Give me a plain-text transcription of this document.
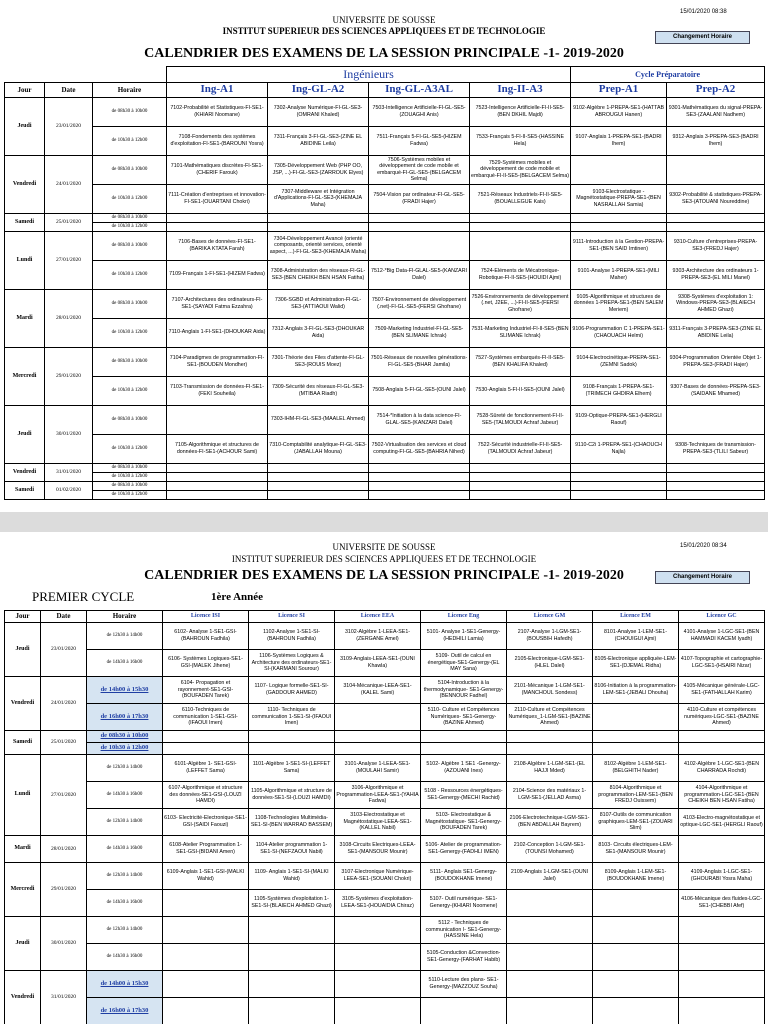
15/01/2020 08:38
UNIVERSITE DE SOUSSE
INSTITUT SUPERIEUR DES SCIENCES APPLIQUEES ET DE TECHNOLOGIE
Changement Horaire
CALENDRIER DES EXAMENS DE LA SESSION PRINCIPALE -1- 2019-2020
			Ingénieurs				Cycle Préparatoire	
Jour	Date	Horaire	Ing-A1	Ing-GL-A2	Ing-GL-A3AL	Ing-II-A3	Prep-A1	Prep-A2
Jeudi	23/01/2020	de 08h30 à 10h00	7102-Probabilité et Statistiques-FI-SE1-(KHIARI Noomane)	7302-Analyse Numérique-FI-GL-SE3-(OMRANI Khaled)	7503-Intelligence Artificielle-FI-GL-SE5-(ZOUAGHI Anis)	7523-Intelligence Artificielle-FI-II-SE5-(BEN DKHIL Majdi)	9102-Algèbre 1-PREPA-SE1-(HATTAB ABROUGUI Hanen)	9301-Mathématiques du signal-PREPA-SE3-(ZAALANI Nadhem)
		de 10h30 à 12h00	7108-Fondements des systèmes d'exploitation-FI-SE1-(BAROUNI Yosra)	7311-Français 3-FI-GL-SE3-(ZINE EL ABIDINE Leila)	7511-Français 5-FI-GL-SE5-(HIZEM Fadwa)	7533-Français 5-FI-II-SE5-(HASSINE Hela)	9107-Anglais 1-PREPA-SE1-(BADRI Ihem)	9312-Anglais 3-PREPA-SE3-(BADRI Ihem)
Vendredi	24/01/2020	de 08h30 à 10h00	7101-Mathématiques discrètes-FI-SE1-(CHERIF Farouk)	7305-Développement Web (PHP OO, JSP, ...)-FI-GL-SE3-(ZARROUK Elyes)	7506-Systèmes mobiles et développement de code mobile et embarqué-FI-GL-SE5-(BELGACEM Selma)	7529-Systèmes mobiles et développement de code mobile et embarqué-FI-II-SE5-(BELGACEM Selma)		
		de 10h30 à 12h00	7111-Création d'entreprises et innovation-FI-SE1-(OUARTANI Chokri)	7307-Middleware et Intégration d'Applications-FI-GL-SE3-(KHEMAJA Maha)	7504-Vision par ordinateur-FI-GL-SE5-(FRADI Hajer)	7521-Réseaux Industriels-FI-II-SE5-(BOUALLEGUE Kais)	9103-Electrostatique - Magnétostatique-PREPA-SE1-(BEN NASRALLAH Samia)	9302-Probabilité & statistiques-PREPA-SE3-(ATOUANI Noureddine)
Samedi	25/01/2020	de 08h30 à 10h00						
		de 10h30 à 12h00						
Lundi	27/01/2020	de 08h30 à 10h00	7106-Bases de données-FI-SE1-(BARIKA KTATA Farah)	7304-Développement Avancé (orienté composants, orienté services, orienté aspect, ...)-FI-GL-SE3-(KHEMAJA Maha)			9111-Introduction à la Gestion-PREPA-SE1-(BEN SAID Imtinen)	9310-Culture d'entreprises-PREPA-SE3-(FREDJ Hajer)
		de 10h30 à 12h00	7109-Français 1-FI-SE1-(HIZEM Fadwa)	7308-Administration des réseaux-FI-GL-SE3-(BEN CHEIKH BEN HSAN Fatiha)	7512-*Big Data-FI-GLAL-SE5-(KANZARI Dalel)	7524-Eléments de Mécatronique-Robotique-FI-II-SE5-(HOUIDI Ajmi)	9101-Analyse 1-PREPA-SE1-(MILI Maher)	9303-Architecture des ordinateurs 1-PREPA-SE3-(EL MILI Manel)
Mardi	28/01/2020	de 08h30 à 10h00	7107-Architectures des ordinateurs-FI-SE1-(SAYADI Fatma Ezzahra)	7306-SGBD et Administration-FI-GL-SE3-(ATTIAOUI Walid)	7507-Environnement de développement (.net)-FI-GL-SE5-(FERSI Ghofrane)	7526-Environnements de développement (.net, J2EE, ...)-FI-II-SE5-(FERSI Ghofrane)	9105-Algorithmique et structures de données 1-PREPA-SE1-(BEN SALEM Meriem)	9308-Systèmes d'exploitation 1: Windows-PREPA-SE3-(BLAIECH AHMED Ghazi)
		de 10h30 à 12h00	7110-Anglais 1-FI-SE1-(DHOUKAR Aida)	7312-Anglais 3-FI-GL-SE3-(DHOUKAR Aida)	7509-Marketing Industriel-FI-GL-SE5-(BEN SLIMANE Ichrak)	7531-Marketing Industriel-FI-II-SE5-(BEN SLIMANE Ichrak)	9106-Programmation C 1-PREPA-SE1-(CHAOUACH Helmi)	9311-Français 3-PREPA-SE3-(ZINE EL ABIDINE Leila)
Mercredi	29/01/2020	de 08h30 à 10h00	7104-Paradigmes de programmation-FI-SE1-(BOUDEN Mondher)	7301-Théorie des Files d'attente-FI-GL-SE3-(ROUIS Moez)	7501-Réseaux de nouvelles générations-FI-GL-SE5-(BHAR Jamila)	7527-Systèmes embarqués-FI-II-SE5-(BEN KHALIFA Khaled)	9104-Electrocinétique-PREPA-SE1-(ZEMNI Sadok)	9304-Programmation Orientée Objet 1-PREPA-SE3-(FRADI Hajer)
		de 10h30 à 12h00	7103-Transmission de données-FI-SE1-(FEKI Souheila)	7309-Sécurité des réseaux-FI-GL-SE3-(MTIBAA Riadh)	7508-Anglais 5-FI-GL-SE5-(OUNI Jalel)	7530-Anglais 5-FI-II-SE5-(OUNI Jalel)	9108-Français 1-PREPA-SE1-(TRIMECH GHDIRA Elhem)	9307-Bases de données-PREPA-SE3-(SAIDANE Mhamed)
Jeudi	30/01/2020	de 08h30 à 10h00		7303-IHM-FI-GL-SE3-(MAALEL Ahmed)	7514-*Initiation à la data science-FI-GLAL-SE5-(KANZARI Dalel)	7528-Sûreté de fonctionnement-FI-II-SE5-(TALMOUDI Achraf Jabeur)	9109-Optique-PREPA-SE1-(HERGLI Raouf)	
		de 10h30 à 12h00	7105-Algorithmique et structures de données-FI-SE1-(ACHOUR Sami)	7310-Comptabilité analytique-FI-GL-SE3-(JABALLAH Mouna)	7502-Virtualisation des services et cloud computing-FI-GL-SE5-(BAHRIA Nihed)	7522-Sécurité industrielle-FI-II-SE5-(TALMOUDI Achraf Jabeur)	9110-C2i 1-PREPA-SE1-(CHAOUCH Najla)	9308-Techniques de transmission-PREPA-SE3-(TLILI Sabeur)
Vendredi	31/01/2020	de 08h30 à 10h00						
		de 10h30 à 12h00						
Samedi	01/02/2020	de 08h30 à 10h00						
		de 10h30 à 12h00						
15/01/2020 08:34
UNIVERSITE DE SOUSSE
INSTITUT SUPERIEUR DES SCIENCES APPLIQUEES ET DE TECHNOLOGIE
CALENDRIER DES EXAMENS DE LA SESSION PRINCIPALE -1- 2019-2020	Changement Horaire
PREMIER CYCLE	1ère Année
Jour	Date	Horaire	Licence ISI	Licence SI	Licence EEA	Licence Eng	Licence GM	Licence EM	Licence GC
Jeudi	23/01/2020	de 12h30 à 14h00	6102- Analyse 1-SE1-GSI-(BAHROUN Fadhila)	1102-Analyse 1-SE1-SI-(BAHROUN Fadhila)	3102-Algèbre 1-LEEA-SE1-(ZERGANE Amel)	5101- Analyse 1-SE1-Genergy-(HEDHILI Lamia)	2107-Analyse 1-LGM-SE1-(BOUSBIH Hafedh)	8101-Analyse 1-LEM-SE1-(CHOUIGUI Ajmi)	4101-Analyse 1-LGC-SE1-(BEN HAMMADI KACEM Iyadh)
		de 14h30 à 16h00	6106- Systèmes Logiques-SE1-GSI-(MALEK Jihene)	1106-Systèmes Logiques & Architecture des ordinateurs-SE1-SI-(KARMANI Sourour)	3109-Anglais-LEEA-SE1-(OUNI Khawla)	5109- Outil de calcul en énergétique-SE1-Genergy-(EL MAY Sana)	2105-Electronique-LGM-SE1-(HLEL Dalel)	8105-Electronique appliquée-LEM-SE1-(DJEMAL Ridha)	4107-Topographie et cartographie-LGC-SE1-(HSAIRI Nizar)
Vendredi	24/01/2020	de 14h00 à 15h30	6104- Propagation et rayonnement-SE1-GSI-(BOUFADEN Tarek)	1107- Logique formelle-SE1-SI-(GADDOUR AHMED)	3104-Mécanique-LEEA-SE1-(KALEL Sami)	5104-Introduction à la thermodynamique- SE1-Genergy-(BENNOUR Fadhel)	2101-Mécanique 1-LGM-SE1-(MANCHOUL Sondess)	8106-Initiation à la programmation-LEM-SE1-(JEBALI Dhouha)	4105-Mécanique générale-LGC-SE1-(FATHALLAH Karim)
		de 16h00 à 17h30	6110-Techniques de communication 1-SE1-GSI-(IFAOUI Imen)	1110- Techniques de communication 1-SE1-SI-(IFAOUI Imen)		5110- Culture et Compétences Numériques- SE1-Genergy-(BAZINE Ahmed)	2110-Culture et Compétences Numériques_1-LGM-SE1-(BAZINE Ahmed)		4110-Culture et compétences numériques-LGC-SE1-(BAZINE Ahmed)
Samedi	25/01/2020	de 08h30 à 10h00							
		de 10h30 à 12h00							
Lundi	27/01/2020	de 12h30 à 14h00	6101-Algèbre 1- SE1-GSI-(LEFFET Sama)	1101-Algèbre 1-SE1-SI-(LEFFET Sama)	3101-Analyse 1-LEEA-SE1-(MOULAHI Samir)	5102- Algèbre 1 SE1 -Genergy-(AZOUANI Ines)	2108-Algèbre 1-LGM-SE1-(EL HAJJI Mded)	8102-Algèbre 1-LEM-SE1-(BELGHITH Nader)	4102-Algèbre 1-LGC-SE1-(BEN CHARRADA Rochdi)
		de 14h30 à 16h00	6107-Algorithmique et structure des données-SE1-GSI-(LOUZI HAMDI)	1105-Algorithmique et structure de données-SE1-SI-(LOUZI HAMDI)	3106-Algorithmique et Programmation-LEEA-SE1-(YAHIA Fadwa)	5108 - Ressources énergétiques- SE1-Genergy-(MECHI Rachid)	2104-Science des matériaux 1-LGM-SE1-(JELLAD Asma)	8104-Algorithmique et programmation-LEM-SE1-(BEN FREDJ Ouissem)	4104-Algorithmique et programmation-LGC-SE1-(BEN CHEIKH BEN HSAN Fatiha)
		de 12h30 à 14h00	6103- Electricité-Electronique-SE1-GSI-(SAIDI Faouzi)	1108-Technologies Multimédia-SE1-SI-(BEN WARRAD BASSEM)	3103-Electrostatique et Magnétostatique-LEEA-SE1-(KALLEL Nabil)	5103- Electrostatique & Magnétostatique- SE1-Genergy-(BOUFADEN Tarek)	2106-Electrotechnique-LGM-SE1-(BEN ABDALLAH Bayrem)	8107-Outils de communication graphiques-LEM-SE1-(ZOUARI Slim)	4103-Electro-magnétostatique et optique-LGC-SE1-(HERGLI Raouf)
Mardi	28/01/2020	de 14h30 à 16h00	6108-Atelier Programmation 1-SE1-GSI-(BIDANI Amen)	1104-Atelier programmation 1-SE1-SI-(NEFZAOUI Nabil)	3108-Circuits Electriques-LEEA-SE1-(MANSOUR Mounir)	5106- Atelier de programmation- SE1-Genergy-(FADHLI IMEN)	2102-Conception 1-LGM-SE1-(TOUNSI Mohamed)	8103- Circuits électriques-LEM-SE1-(MANSOUR Mounir)	
Mercredi	29/01/2020	de 12h30 à 14h00	6109-Anglais 1-SE1-GSI-(MALKI Wahid)	1109- Anglais 1-SE1-SI-(MALKI Wahid)	3107-Electronique Numérique-LEEA-SE1-(SOUANI Chokri)	5111- Anglais SE1-Genergy-(BOUDOKHANE Imene)	2109-Anglais 1-LGM-SE1-(OUNI Jalel)	8109-Anglais 1-LEM-SE1-(BOUDOKHANE Imene)	4109-Anglais 1-LGC-SE1-(GHOURABI Yosra Maha)
		de 14h30 à 16h00		1105-Systèmes d'exploitation 1-SE1-SI-(BLAIECH AHMED Ghazi)	3105-Systèmes d'exploitation-LEEA-SE1-(HOUAIDIA Chiraz)	5107- Outil numérique- SE1-Genergy-(KHIARI Noomene)			4106-Mécanique des fluides-LGC-SE1-(CHEBBI Afef)
Jeudi	30/01/2020	de 12h30 à 14h00				5112 - Techniques de communication I- SE1-Genergy-(HASSINE Hela)			
		de 14h30 à 16h00				5105-Conduction &Convection-SE1-Genergy-(FARHAT Habib)			
Vendredi	31/01/2020	de 14h00 à 15h30				5110-Lecture des plans- SE1-Genergy-(MAZZOUZ Souha)			
		de 16h00 à 17h30							
